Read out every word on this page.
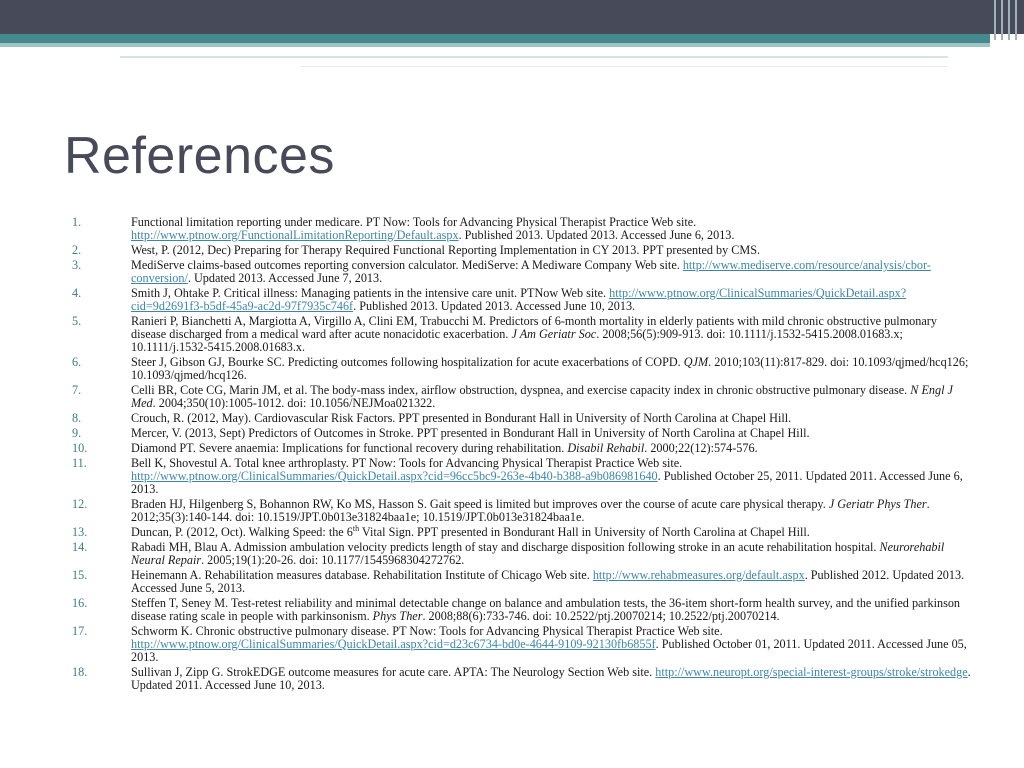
References
1.	Functional limitation reporting under medicare. PT Now: Tools for Advancing Physical Therapist Practice Web site. http://www.ptnow.org/FunctionalLimitationReporting/Default.aspx. Published 2013. Updated 2013. Accessed June 6, 2013.
2.	West, P. (2012, Dec) Preparing for Therapy Required Functional Reporting Implementation in CY 2013. PPT presented by CMS.
3.	MediServe claims-based outcomes reporting conversion calculator. MediServe: A Mediware Company Web site. http://www.mediserve.com/resource/analysis/cbor-conversion/. Updated 2013. Accessed June 7, 2013.
4.	Smith J, Ohtake P. Critical illness: Managing patients in the intensive care unit. PTNow Web site. http://www.ptnow.org/ClinicalSummaries/QuickDetail.aspx?cid=9d2691f3-b5df-45a9-ac2d-97f7935c746f. Published 2013. Updated 2013. Accessed June 10, 2013.
5.	Ranieri P, Bianchetti A, Margiotta A, Virgillo A, Clini EM, Trabucchi M. Predictors of 6-month mortality in elderly patients with mild chronic obstructive pulmonary disease discharged from a medical ward after acute nonacidotic exacerbation. J Am Geriatr Soc. 2008;56(5):909-913. doi: 10.1111/j.1532-5415.2008.01683.x; 10.1111/j.1532-5415.2008.01683.x.
6.	Steer J, Gibson GJ, Bourke SC. Predicting outcomes following hospitalization for acute exacerbations of COPD. QJM. 2010;103(11):817-829. doi: 10.1093/qjmed/hcq126; 10.1093/qjmed/hcq126.
7.	Celli BR, Cote CG, Marin JM, et al. The body-mass index, airflow obstruction, dyspnea, and exercise capacity index in chronic obstructive pulmonary disease. N Engl J Med. 2004;350(10):1005-1012. doi: 10.1056/NEJMoa021322.
8.	Crouch, R. (2012, May). Cardiovascular Risk Factors. PPT presented in Bondurant Hall in University of North Carolina at Chapel Hill.
9.	Mercer, V. (2013, Sept) Predictors of Outcomes in Stroke. PPT presented in Bondurant Hall in University of North Carolina at Chapel Hill.
10.	Diamond PT. Severe anaemia: Implications for functional recovery during rehabilitation. Disabil Rehabil. 2000;22(12):574-576.
11.	Bell K, Shovestul A. Total knee arthroplasty. PT Now: Tools for Advancing Physical Therapist Practice Web site. http://www.ptnow.org/ClinicalSummaries/QuickDetail.aspx?cid=96cc5bc9-263e-4b40-b388-a9b086981640. Published October 25, 2011. Updated 2011. Accessed June 6, 2013.
12.	Braden HJ, Hilgenberg S, Bohannon RW, Ko MS, Hasson S. Gait speed is limited but improves over the course of acute care physical therapy. J Geriatr Phys Ther. 2012;35(3):140-144. doi: 10.1519/JPT.0b013e31824baa1e; 10.1519/JPT.0b013e31824baa1e.
13.	Duncan, P. (2012, Oct). Walking Speed: the 6th Vital Sign. PPT presented in Bondurant Hall in University of North Carolina at Chapel Hill.
14.	Rabadi MH, Blau A. Admission ambulation velocity predicts length of stay and discharge disposition following stroke in an acute rehabilitation hospital. Neurorehabil Neural Repair. 2005;19(1):20-26. doi: 10.1177/1545968304272762.
15.	Heinemann A. Rehabilitation measures database. Rehabilitation Institute of Chicago Web site. http://www.rehabmeasures.org/default.aspx. Published 2012. Updated 2013. Accessed June 5, 2013.
16.	Steffen T, Seney M. Test-retest reliability and minimal detectable change on balance and ambulation tests, the 36-item short-form health survey, and the unified parkinson disease rating scale in people with parkinsonism. Phys Ther. 2008;88(6):733-746. doi: 10.2522/ptj.20070214; 10.2522/ptj.20070214.
17.	Schworm K. Chronic obstructive pulmonary disease. PT Now: Tools for Advancing Physical Therapist Practice Web site. http://www.ptnow.org/ClinicalSummaries/QuickDetail.aspx?cid=d23c6734-bd0e-4644-9109-92130fb6855f. Published October 01, 2011. Updated 2011. Accessed June 05, 2013.
18.	Sullivan J, Zipp G. StrokEDGE outcome measures for acute care. APTA: The Neurology Section Web site. http://www.neuropt.org/special-interest-groups/stroke/strokedge. Updated 2011. Accessed June 10, 2013.
